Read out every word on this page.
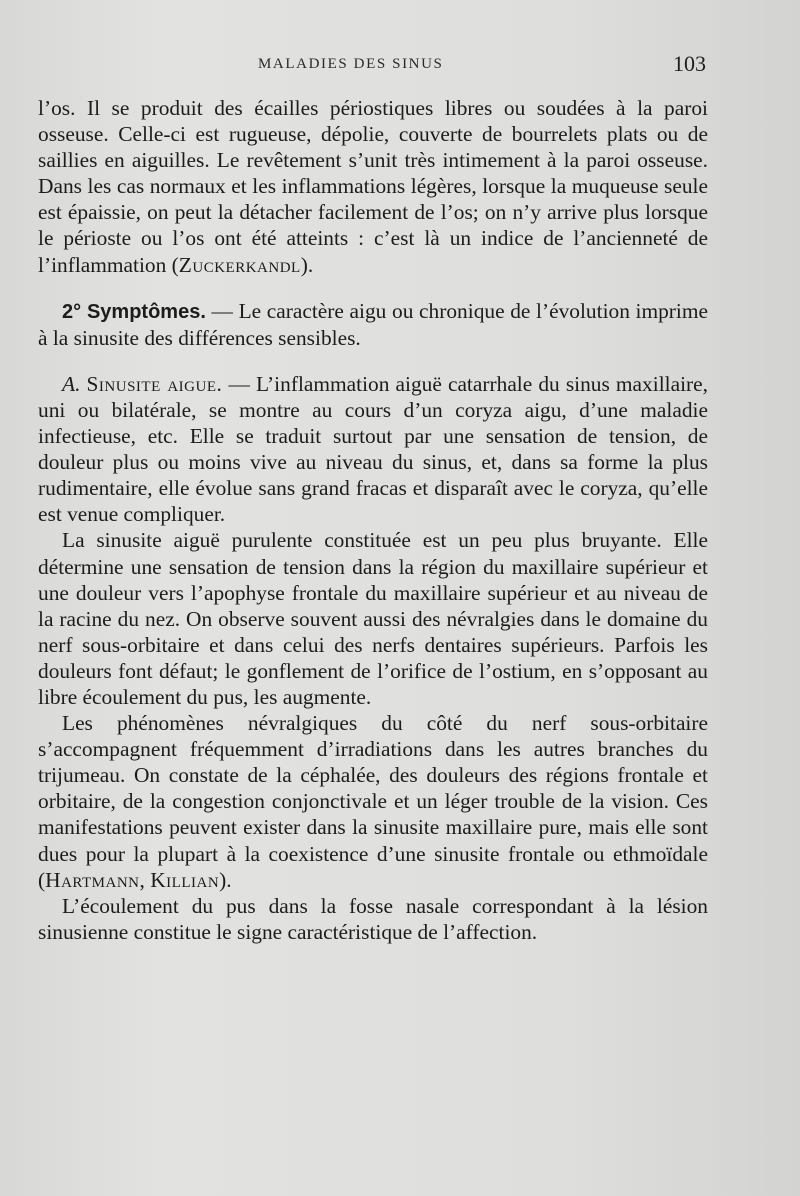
MALADIES DES SINUS	103

l’os. Il se produit des écailles périostiques libres ou soudées à la paroi osseuse. Celle-ci est rugueuse, dépolie, couverte de bourrelets plats ou de saillies en aiguilles. Le revêtement s’unit très intimement à la paroi osseuse. Dans les cas normaux et les inflammations légères, lorsque la muqueuse seule est épaissie, on peut la détacher facilement de l’os; on n’y arrive plus lorsque le périoste ou l’os ont été atteints : c’est là un indice de l’ancienneté de l’inflammation (Zuckerkandl).

2° Symptômes. — Le caractère aigu ou chronique de l’évolution imprime à la sinusite des différences sensibles.

A. Sinusite aigue. — L’inflammation aiguë catarrhale du sinus maxillaire, uni ou bilatérale, se montre au cours d’un coryza aigu, d’une maladie infectieuse, etc. Elle se traduit surtout par une sensation de tension, de douleur plus ou moins vive au niveau du sinus, et, dans sa forme la plus rudimentaire, elle évolue sans grand fracas et disparaît avec le coryza, qu’elle est venue compliquer.

La sinusite aiguë purulente constituée est un peu plus bruyante. Elle détermine une sensation de tension dans la région du maxillaire supérieur et une douleur vers l’apophyse frontale du maxillaire supérieur et au niveau de la racine du nez. On observe souvent aussi des névralgies dans le domaine du nerf sous-orbitaire et dans celui des nerfs dentaires supérieurs. Parfois les douleurs font défaut; le gonflement de l’orifice de l’ostium, en s’opposant au libre écoulement du pus, les augmente.

Les phénomènes névralgiques du côté du nerf sous-orbitaire s’accompagnent fréquemment d’irradiations dans les autres branches du trijumeau. On constate de la céphalée, des douleurs des régions frontale et orbitaire, de la congestion conjonctivale et un léger trouble de la vision. Ces manifestations peuvent exister dans la sinusite maxillaire pure, mais elle sont dues pour la plupart à la coexistence d’une sinusite frontale ou ethmoïdale (Hartmann, Killian).

L’écoulement du pus dans la fosse nasale correspondant à la lésion sinusienne constitue le signe caractéristique de l’affection.
